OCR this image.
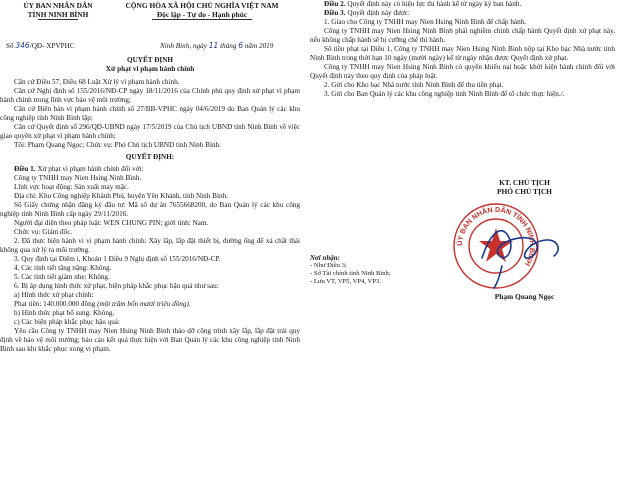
ỦY BAN NHÂN DÂN
TỈNH NINH BÌNH
CỘNG HÒA XÃ HỘI CHỦ NGHĨA VIỆT NAM
Độc lập - Tự do - Hạnh phúc
Số 346/QĐ- XPVPHC	Ninh Bình, ngày 11 tháng 6 năm 2019
QUYẾT ĐỊNH
Xử phạt vi phạm hành chính

Căn cứ Điều 57, Điều 68 Luật Xử lý vi phạm hành chính.

Căn cứ Nghị định số 155/2016/NĐ-CP ngày 18/11/2016 của Chính phủ quy định xử phạt vi phạm hành chính trong lĩnh vực bảo vệ môi trường;

Căn cứ Biên bản vi phạm hành chính số 27/BB-VPHC ngày 04/6/2019 do Ban Quản lý các khu công nghiệp tỉnh Ninh Bình lập;

Căn cứ Quyết định số 296/QĐ-UBND ngày 17/5/2019 của Chủ tịch UBND tỉnh Ninh Bình về việc giao quyền xử phạt vi phạm hành chính;

Tôi: Phạm Quang Ngọc; Chức vụ: Phó Chủ tịch UBND tỉnh Ninh Bình.

QUYẾT ĐỊNH:

Điều 1. Xử phạt vi phạm hành chính đối với:

Công ty TNHH may Nien Hsing Ninh Bình.

Lĩnh vực hoạt động: Sản xuất may mặc.

Địa chỉ: Khu Công nghiệp Khánh Phú, huyện Yên Khánh, tỉnh Ninh Bình.

Số Giấy chứng nhận đăng ký đầu tư: Mã số dự án 7655668200, do Ban Quản lý các khu công nghiệp tỉnh Ninh Bình cấp ngày 29/11/2016.

Người đại diện theo pháp luật: WEN CHUNG PIN; giới tính: Nam.

Chức vụ: Giám đốc.

2. Đã thực hiện hành vi vi phạm hành chính: Xây lắp, lắp đặt thiết bị, đường ống để xả chất thải không qua xử lý ra môi trường.

3. Quy định tại Điểm i, Khoản 1 Điều 9 Nghị định số 155/2016/NĐ-CP.

4. Các tình tiết tăng nặng: Không.

5. Các tình tiết giảm nhẹ: Không.

6. Bị áp dụng hình thức xử phạt, biện pháp khắc phục hậu quả như sau:

a) Hình thức xử phạt chính:

Phạt tiền: 140.000.000 đồng (một trăm bốn mươi triệu đồng).

b) Hình thức phạt bổ sung: Không.

c) Các biện pháp khắc phục hậu quả:

Yêu cầu Công ty TNHH may Nien Hsing Ninh Bình tháo dỡ công trình xây lắp, lắp đặt trái quy định về bảo vệ môi trường; báo cáo kết quả thực hiện với Ban Quản lý các khu công nghiệp tỉnh Ninh Bình sau khi khắc phục xong vi phạm.

Điều 2. Quyết định này có hiệu lực thi hành kể từ ngày ký ban hành.

Điều 3. Quyết định này được:

1. Giao cho Công ty TNHH may Nien Hsing Ninh Bình để chấp hành.

Công ty TNHH may Nien Hsing Ninh Bình phải nghiêm chỉnh chấp hành Quyết định xử phạt này, nếu không chấp hành sẽ bị cưỡng chế thi hành.

Số tiền phạt tại Điều 1, Công ty TNHH may Nien Hsing Ninh Bình nộp tại Kho bạc Nhà nước tỉnh Ninh Bình trong thời hạn 10 ngày (mười ngày) kể từ ngày nhận được Quyết định xử phạt.

Công ty TNHH may Nien Hsing Ninh Bình có quyền khiếu nại hoặc khởi kiện hành chính đối với Quyết định này theo quy định của pháp luật.

2. Gửi cho Kho bạc Nhà nước tỉnh Ninh Bình để thu tiền phạt.

3. Gửi cho Ban Quản lý các khu công nghiệp tỉnh Ninh Bình để tổ chức thực hiện./.

Nơi nhận:
- Như Điều 3;
- Sở Tài chính tỉnh Ninh Bình;
- Lưu VT, VP5, VP4, VP3.
KT. CHỦ TỊCH
PHÓ CHỦ TỊCH
ỦY BAN NHÂN DÂN TỈNH NINH BÌNH
Phạm Quang Ngọc
